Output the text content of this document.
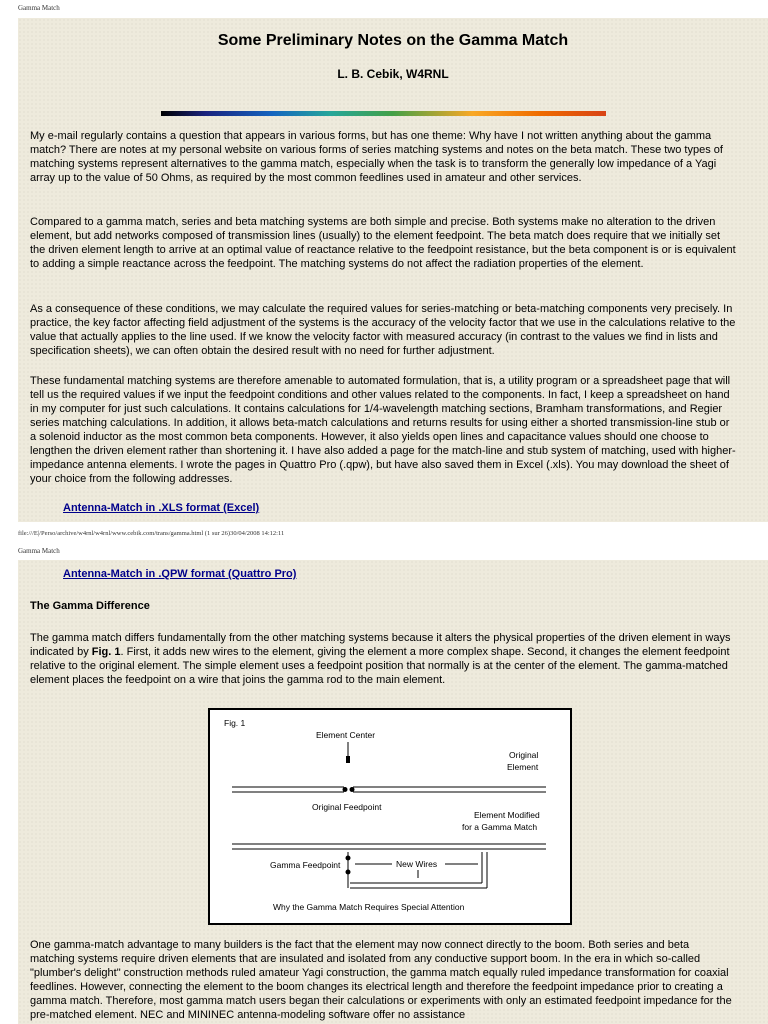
Gamma Match
Some Preliminary Notes on the Gamma Match
L. B. Cebik, W4RNL
My e-mail regularly contains a question that appears in various forms, but has one theme: Why have I not written anything about the gamma match? There are notes at my personal website on various forms of series matching systems and notes on the beta match. These two types of matching systems represent alternatives to the gamma match, especially when the task is to transform the generally low impedance of a Yagi array up to the value of 50 Ohms, as required by the most common feedlines used in amateur and other services.
Compared to a gamma match, series and beta matching systems are both simple and precise. Both systems make no alteration to the driven element, but add networks composed of transmission lines (usually) to the element feedpoint. The beta match does require that we initially set the driven element length to arrive at an optimal value of reactance relative to the feedpoint resistance, but the beta component is or is equivalent to adding a simple reactance across the feedpoint. The matching systems do not affect the radiation properties of the element.
As a consequence of these conditions, we may calculate the required values for series-matching or beta-matching components very precisely. In practice, the key factor affecting field adjustment of the systems is the accuracy of the velocity factor that we use in the calculations relative to the value that actually applies to the line used. If we know the velocity factor with measured accuracy (in contrast to the values we find in lists and specification sheets), we can often obtain the desired result with no need for further adjustment.
These fundamental matching systems are therefore amenable to automated formulation, that is, a utility program or a spreadsheet page that will tell us the required values if we input the feedpoint conditions and other values related to the components. In fact, I keep a spreadsheet on hand in my computer for just such calculations. It contains calculations for 1/4-wavelength matching sections, Bramham transformations, and Regier series matching calculations. In addition, it allows beta-match calculations and returns results for using either a shorted transmission-line stub or a solenoid inductor as the most common beta components. However, it also yields open lines and capacitance values should one choose to lengthen the driven element rather than shortening it. I have also added a page for the match-line and stub system of matching, used with higher-impedance antenna elements. I wrote the pages in Quattro Pro (.qpw), but have also saved them in Excel (.xls). You may download the sheet of your choice from the following addresses.
Antenna-Match in .XLS format (Excel)
file:///E|/Perso/archive/w4rnl/w4rnl/www.cebik.com/trans/gamma.html (1 sur 26)30/04/2008 14:12:11
Gamma Match
Antenna-Match in .QPW format (Quattro Pro)
The Gamma Difference
The gamma match differs fundamentally from the other matching systems because it alters the physical properties of the driven element in ways indicated by Fig. 1. First, it adds new wires to the element, giving the element a more complex shape. Second, it changes the element feedpoint relative to the original element. The simple element uses a feedpoint position that normally is at the center of the element. The gamma-matched element places the feedpoint on a wire that joins the gamma rod to the main element.
Fig. 1
Element Center
Original
Element
Original Feedpoint
Element Modified
for a Gamma Match
Gamma Feedpoint	New Wires
Why the Gamma Match Requires Special Attention
One gamma-match advantage to many builders is the fact that the element may now connect directly to the boom. Both series and beta matching systems require driven elements that are insulated and isolated from any conductive support boom. In the era in which so-called "plumber's delight" construction methods ruled amateur Yagi construction, the gamma match equally ruled impedance transformation for coaxial feedlines. However, connecting the element to the boom changes its electrical length and therefore the feedpoint impedance prior to creating a gamma match. Therefore, most gamma match users began their calculations or experiments with only an estimated feedpoint impedance for the pre-matched element. NEC and MININEC antenna-modeling software offer no assistance
